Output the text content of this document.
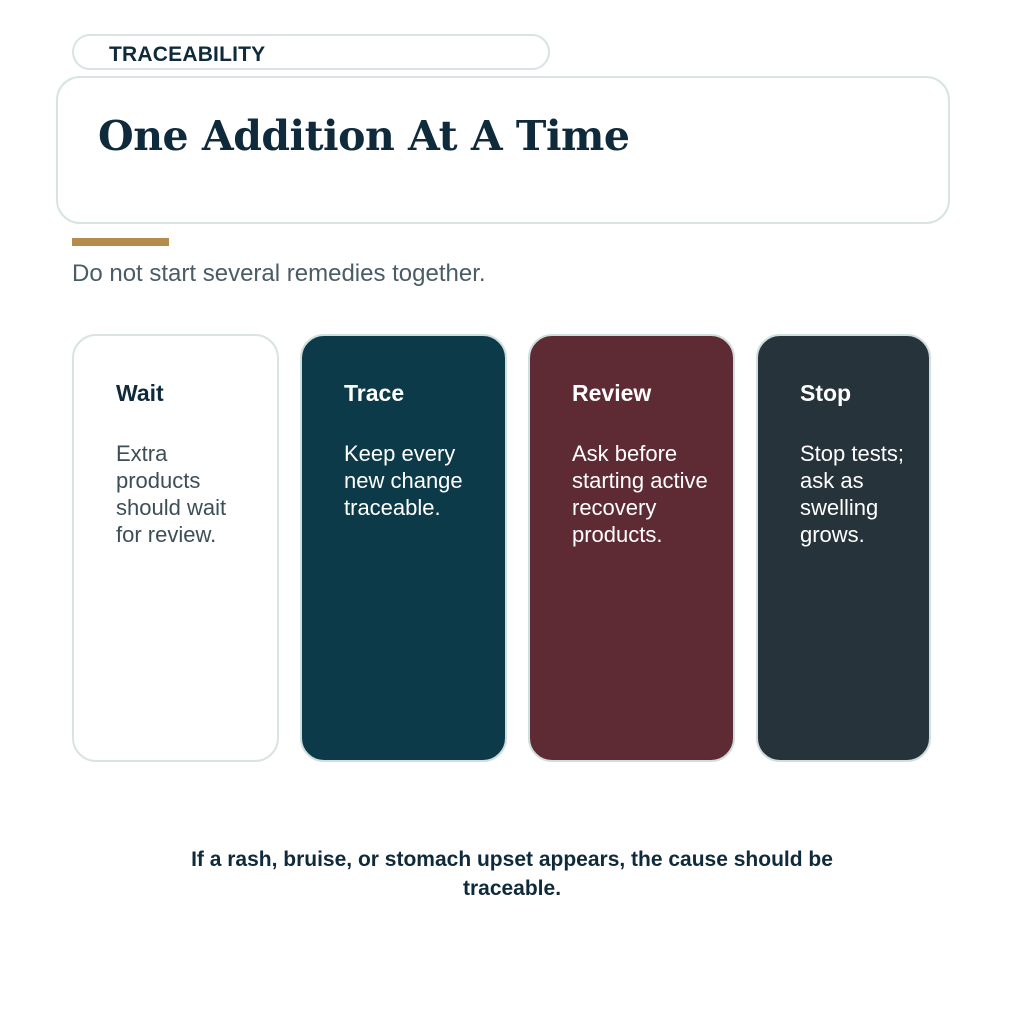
TRACEABILITY
One Addition At A Time
Do not start several remedies together.
Wait
Extra products should wait for review.
Trace
Keep every new change traceable.
Review
Ask before starting active recovery products.
Stop
Stop tests; ask as swelling grows.
If a rash, bruise, or stomach upset appears, the cause should be traceable.
